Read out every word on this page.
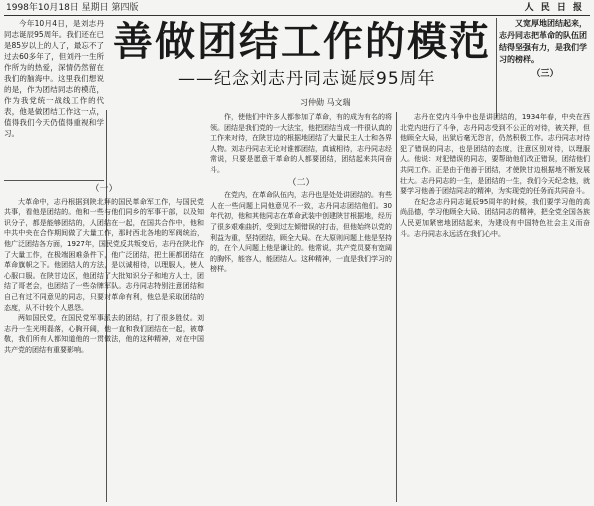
1998年10月18日 星期日 第四版	人 民 日 报

今年10月4日，是刘志丹同志诞辰95周年。我们还在已是85岁以上的人了，最忘不了过去60多年了，但刘丹一生所作所为的热爱，深情仍然留在我们的脑海中。这里我们想说的是，作为团结同志的模范，作为我党统一战线工作的代表，他是做团结工作这一点，值得我们今天仍值得重视和学习。

善做团结工作的模范
——纪念刘志丹同志诞辰95周年
习仲勋 马文瑞

又宽厚地团结起来，志丹同志把革命的队伍团结得坚强有力，是我们学习的榜样。

（三）
（一）

大革命中，志丹根据到陕北拜的国民革命军工作，与国民党共事，看他是团结的。他和一些与他们同乡的军事干部，以及知识分子，都是能够团结的，人团结在一起，在国共合作中，他和中共中央在合作期间做了大量工作，那时西北各地的军阀统治，他广泛团结各方面，1927年，国民党反共叛变后，志丹在陕北作了大量工作，在极端困难条件下，他广泛团结，把土匪都团结在革命旗帜之下。他团结人的方法，是以诚相待，以理服人，使人心服口服。在陕甘边区，他团结了大批知识分子和地方人士，团结了哥老会，也团结了一些杂牌军队。志丹同志特别注意团结和自己有过不同意见的同志，只要对革命有利，他总是采取团结的态度，从不计较个人恩怨。

两如国民党，在国民党军事派去的团结，打了很多胜仗。刘志丹一生光明磊落，心胸开阔，他一直和我们团结在一起，被尊敬，我们所有人都知道他的一贯做法，他的这种精神，对在中国共产党的团结有重要影响。

作，使他们中许多人都参加了革命，有的成为有名的将领。团结是我们党的一大法宝，他把团结当成一件很认真的工作来对待，在陕甘边的根据地团结了大量民主人士和各界人物。刘志丹同志无论对谁都团结，真诚相待，志丹同志经常说，只要是愿意干革命的人都要团结，团结起来共同奋斗。

（二）

在党内，在革命队伍内，志丹也是处处讲团结的。有些人在一些问题上同他意见不一致，志丹同志团结他们。30年代初，他和其他同志在革命武装中创建陕甘根据地，经历了很多艰难曲折，受到过左倾错误的打击，但他始终以党的利益为重，坚持团结，顾全大局。在大原则问题上他是坚持的，在个人问题上他是谦让的。他常说，共产党员要有宽阔的胸怀，能容人，能团结人。这种精神，一直是我们学习的榜样。

志丹在党内斗争中也是讲团结的，1934年春，中央在西北党内进行了斗争，志丹同志受到不公正的对待，被关押，但他顾全大局，出狱后毫无怨言，仍然积极工作。志丹同志对待犯了错误的同志，也是团结的态度，注意区别对待，以理服人。他说：对犯错误的同志，要帮助他们改正错误，团结他们共同工作。正是由于他善于团结，才使陕甘边根据地不断发展壮大。志丹同志的一生，是团结的一生，我们今天纪念他，就要学习他善于团结同志的精神，为实现党的任务而共同奋斗。

在纪念志丹同志诞辰95周年的时候，我们要学习他的高尚品德，学习他顾全大局、团结同志的精神，把全党全国各族人民更加紧密地团结起来，为建设有中国特色社会主义而奋斗。志丹同志永远活在我们心中。
